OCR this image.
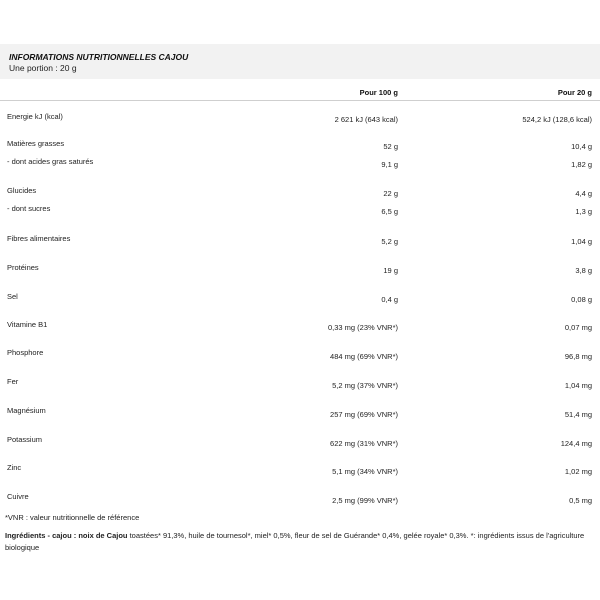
INFORMATIONS NUTRITIONNELLES CAJOU
Une portion : 20 g
Pour 100 g	Pour 20 g
Energie kJ (kcal)	2 621 kJ (643 kcal)	524,2 kJ (128,6 kcal)
Matières grasses	52 g	10,4 g
- dont acides gras saturés	9,1 g	1,82 g
Glucides	22 g	4,4 g
- dont sucres	6,5 g	1,3 g
Fibres alimentaires	5,2 g	1,04 g
Protéines	19 g	3,8 g
Sel	0,4 g	0,08 g
Vitamine B1	0,33 mg (23% VNR*)	0,07 mg
Phosphore	484 mg (69% VNR*)	96,8 mg
Fer	5,2 mg (37% VNR*)	1,04 mg
Magnésium	257 mg (69% VNR*)	51,4 mg
Potassium	622 mg (31% VNR*)	124,4 mg
Zinc	5,1 mg (34% VNR*)	1,02 mg
Cuivre	2,5 mg (99% VNR*)	0,5 mg
*VNR : valeur nutritionnelle de référence
Ingrédients - cajou : noix de Cajou toastées* 91,3%, huile de tournesol*, miel* 0,5%, fleur de sel de Guérande* 0,4%, gelée royale* 0,3%. *: ingrédients issus de l'agriculture biologique
